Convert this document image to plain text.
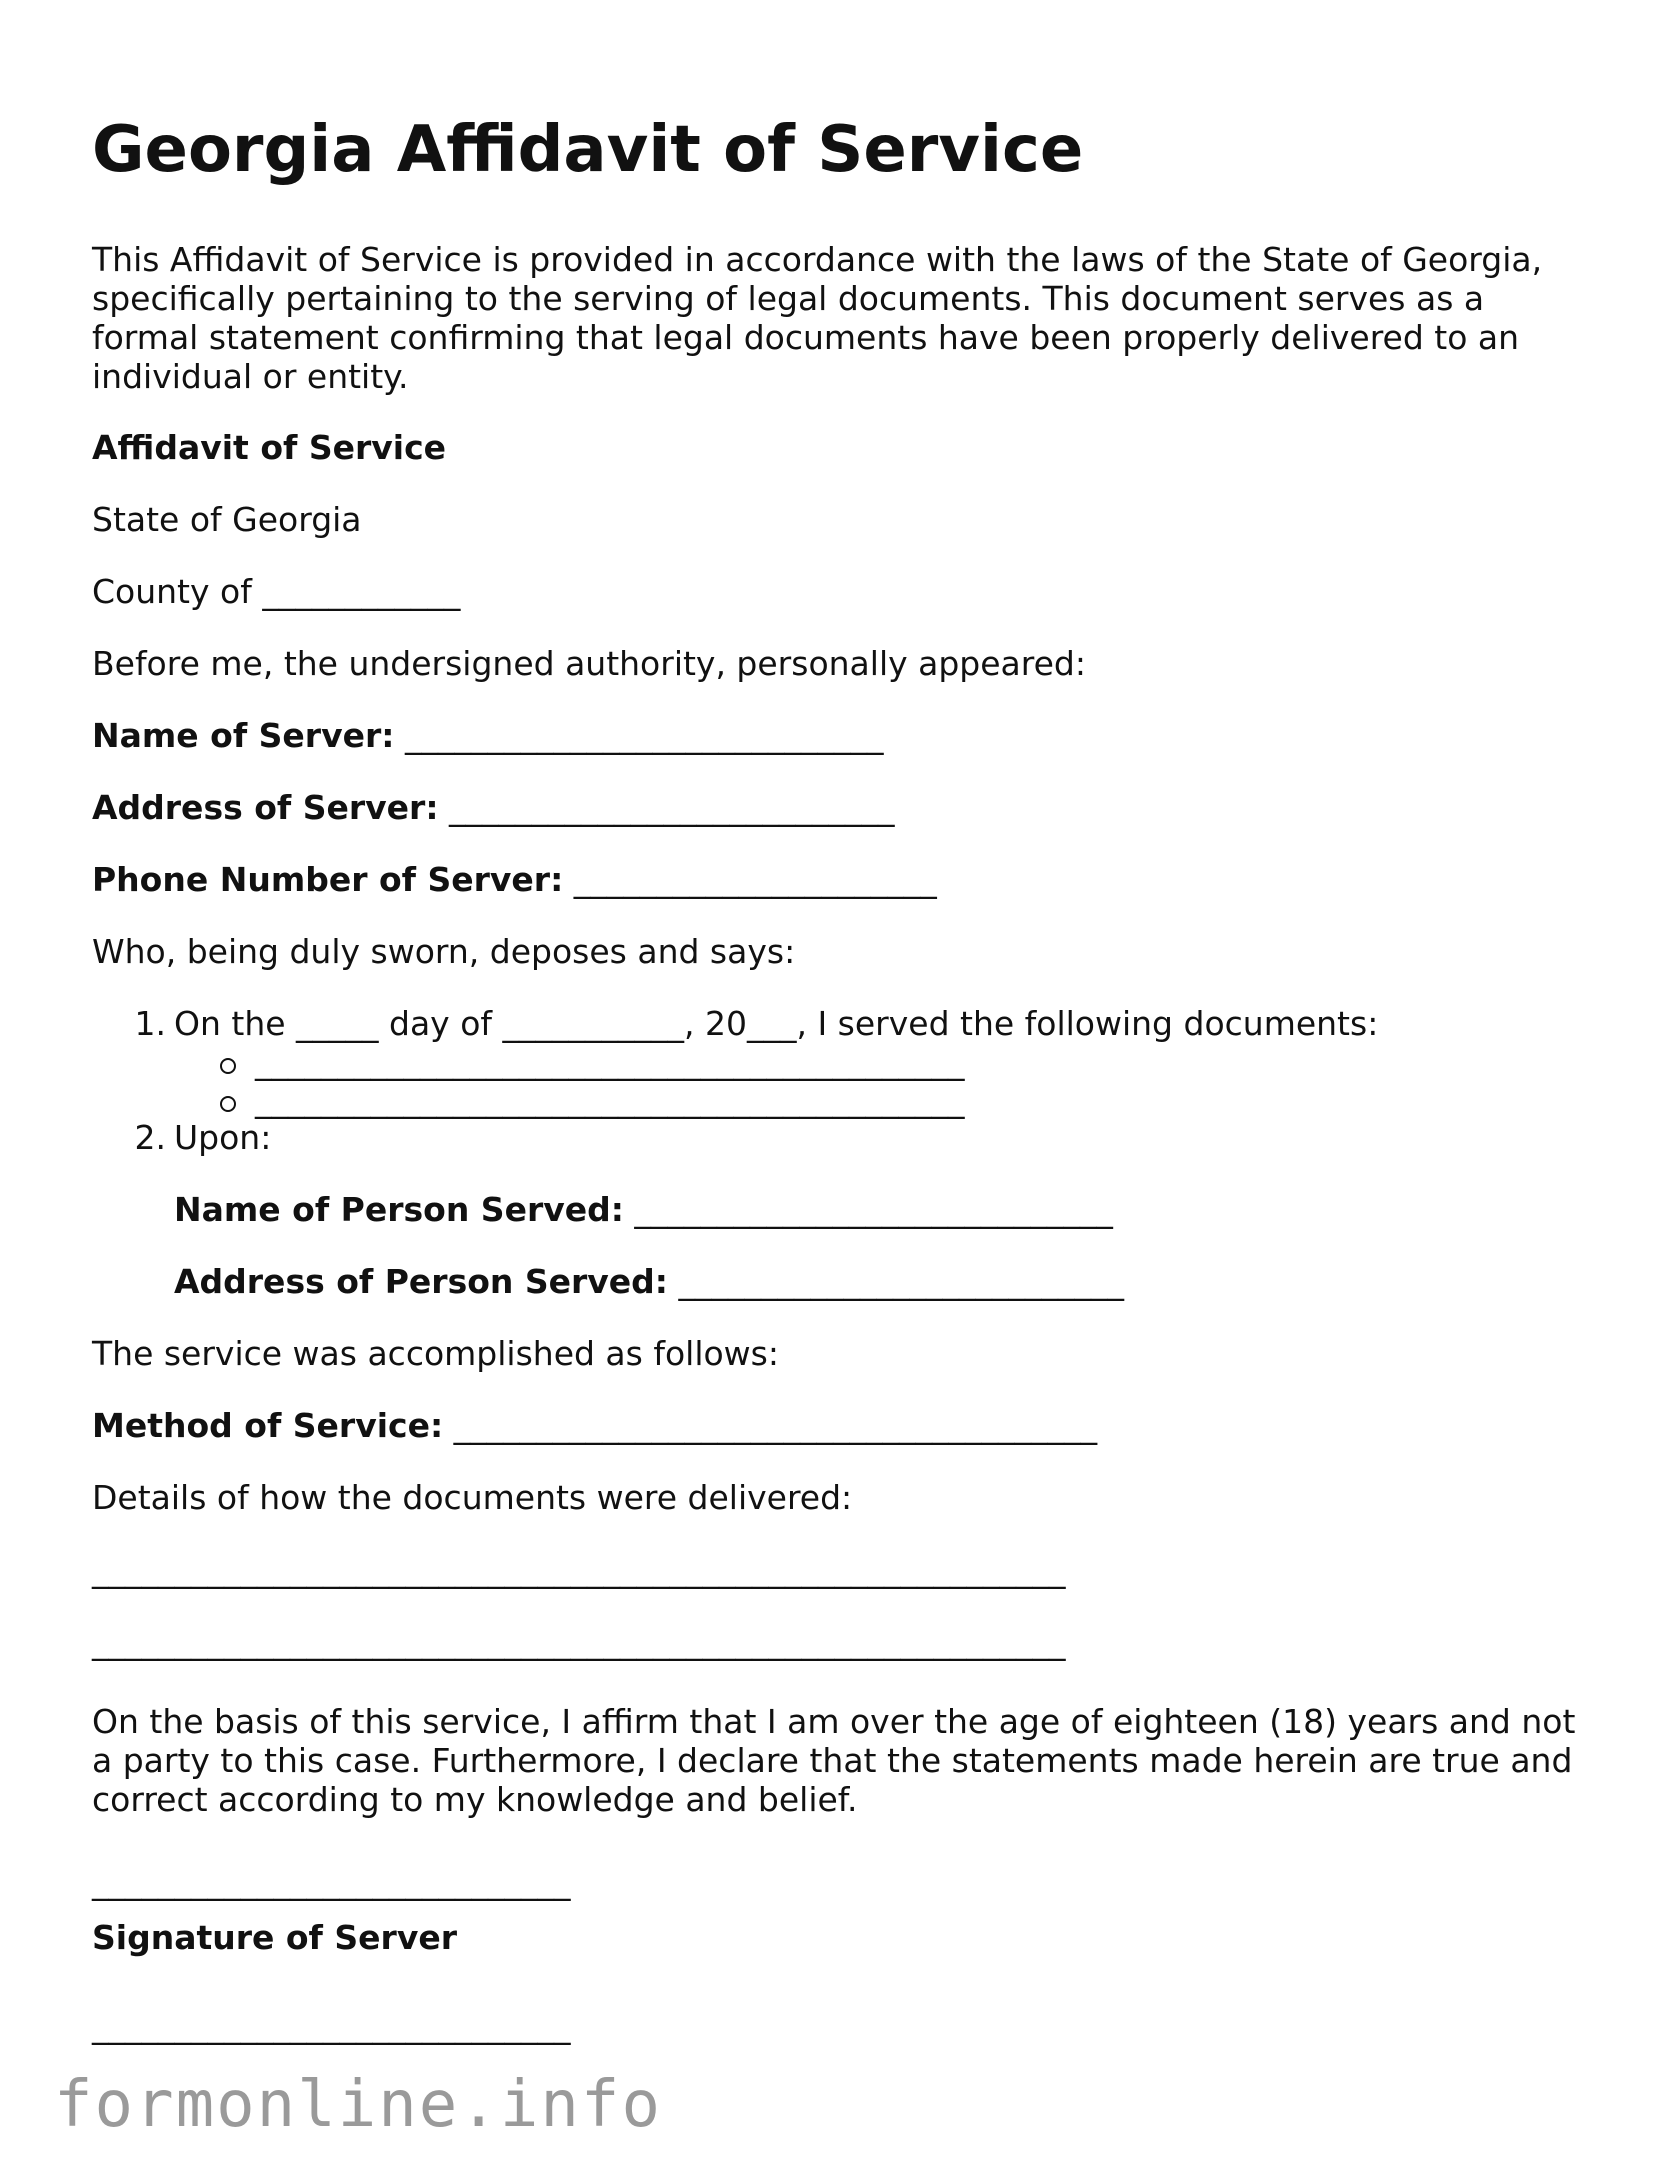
Georgia Affidavit of Service
This Affidavit of Service is provided in accordance with the laws of the State of Georgia,
specifically pertaining to the serving of legal documents. This document serves as a
formal statement confirming that legal documents have been properly delivered to an
individual or entity.

Affidavit of Service

State of Georgia

County of ____________

Before me, the undersigned authority, personally appeared:

Name of Server: _____________________________

Address of Server: ___________________________

Phone Number of Server: ______________________

Who, being duly sworn, deposes and says:

1. On the _____ day of ___________, 20___, I served the following documents:

___________________________________________

___________________________________________

2. Upon:

Name of Person Served: _____________________________

Address of Person Served: ___________________________

The service was accomplished as follows:

Method of Service: _______________________________________

Details of how the documents were delivered:

___________________________________________________________

___________________________________________________________

On the basis of this service, I affirm that I am over the age of eighteen (18) years and not
a party to this case. Furthermore, I declare that the statements made herein are true and
correct according to my knowledge and belief.

_____________________________

Signature of Server

_____________________________

formonline.info
